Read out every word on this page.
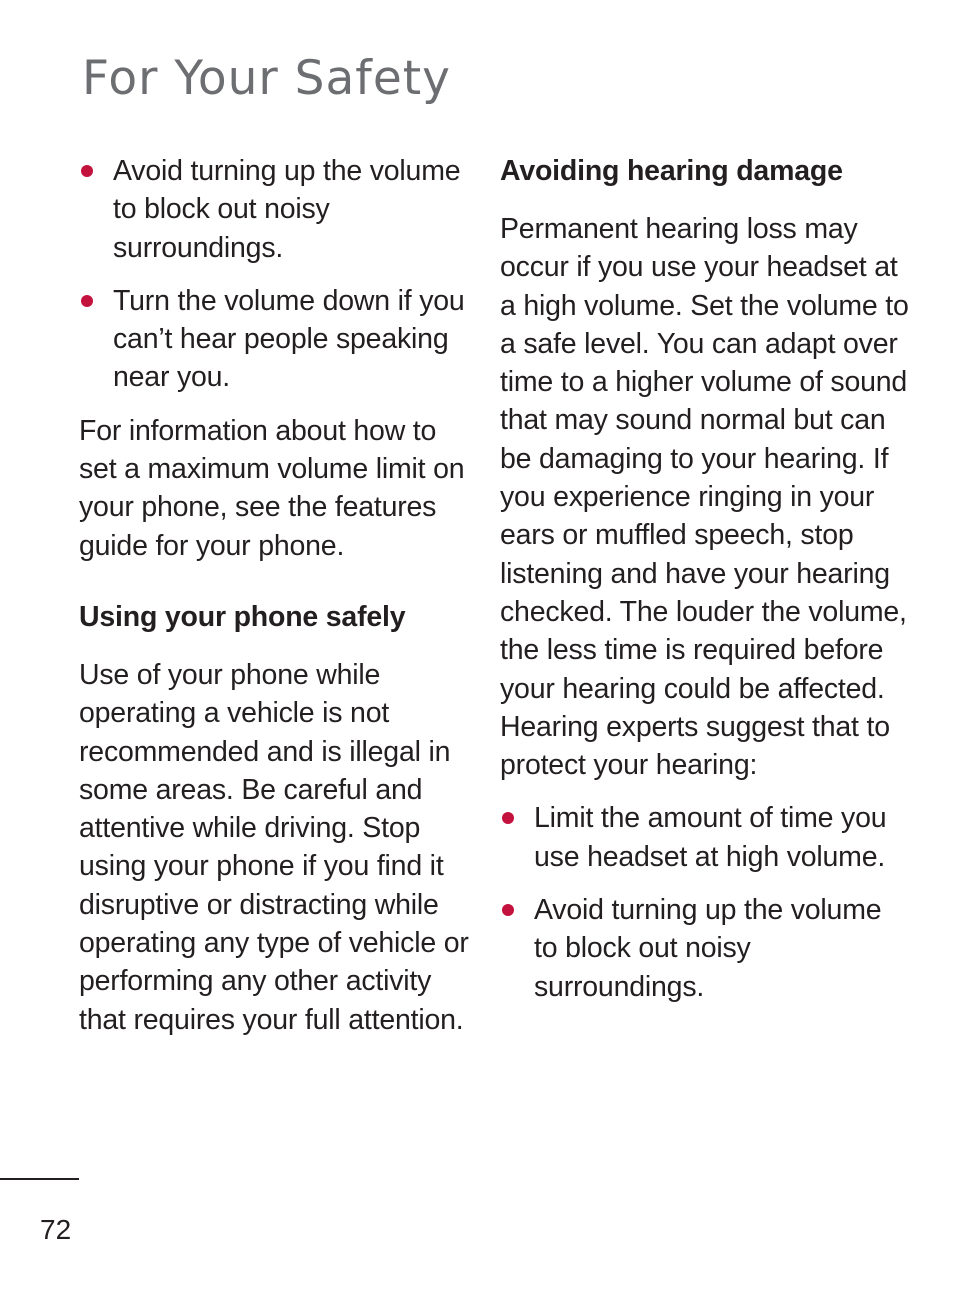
For Your Safety
Avoid turning up the volume to block out noisy surroundings.
Turn the volume down if you can’t hear people speaking near you.

For information about how to set a maximum volume limit on your phone, see the features guide for your phone.

Using your phone safely

Use of your phone while operating a vehicle is not recommended and is illegal in some areas. Be careful and attentive while driving. Stop using your phone if you find it disruptive or distracting while operating any type of vehicle or performing any other activity that requires your full attention.

Avoiding hearing damage

Permanent hearing loss may occur if you use your headset at a high volume. Set the volume to a safe level. You can adapt over time to a higher volume of sound that may sound normal but can be damaging to your hearing. If you experience ringing in your ears or muffled speech, stop listening and have your hearing checked. The louder the volume, the less time is required before your hearing could be affected. Hearing experts suggest that to protect your hearing:

Limit the amount of time you use headset at high volume.
Avoid turning up the volume to block out noisy surroundings.
72
